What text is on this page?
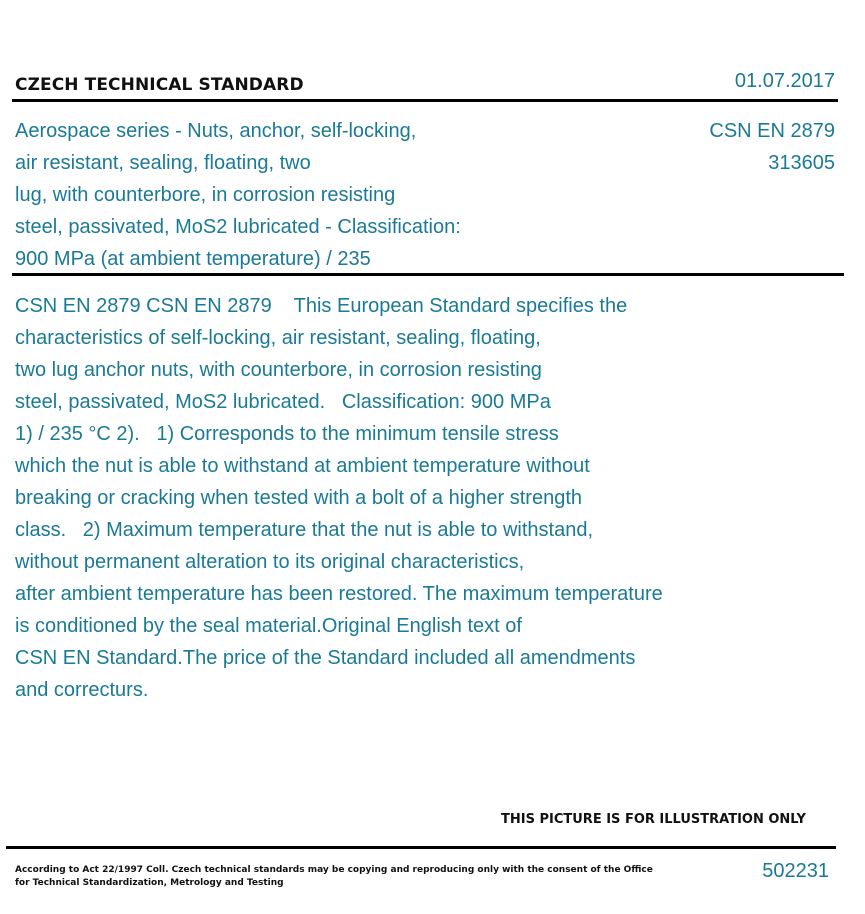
CZECH TECHNICAL STANDARD	01.07.2017
Aerospace series - Nuts, anchor, self-locking,
air resistant, sealing, floating, two
lug, with counterbore, in corrosion resisting
steel, passivated, MoS2 lubricated - Classification:
900 MPa (at ambient temperature) / 235
CSN EN 2879
313605
CSN EN 2879 CSN EN 2879    This European Standard specifies the
characteristics of self-locking, air resistant, sealing, floating,
two lug anchor nuts, with counterbore, in corrosion resisting
steel, passivated, MoS2 lubricated.   Classification: 900 MPa
1) / 235 °C 2).   1) Corresponds to the minimum tensile stress
which the nut is able to withstand at ambient temperature without
breaking or cracking when tested with a bolt of a higher strength
class.   2) Maximum temperature that the nut is able to withstand,
without permanent alteration to its original characteristics,
after ambient temperature has been restored. The maximum temperature
is conditioned by the seal material.Original English text of
CSN EN Standard.The price of the Standard included all amendments
and correcturs.
THIS PICTURE IS FOR ILLUSTRATION ONLY
According to Act 22/1997 Coll. Czech technical standards may be copying and reproducing only with the consent of the Office
for Technical Standardization, Metrology and Testing
502231
